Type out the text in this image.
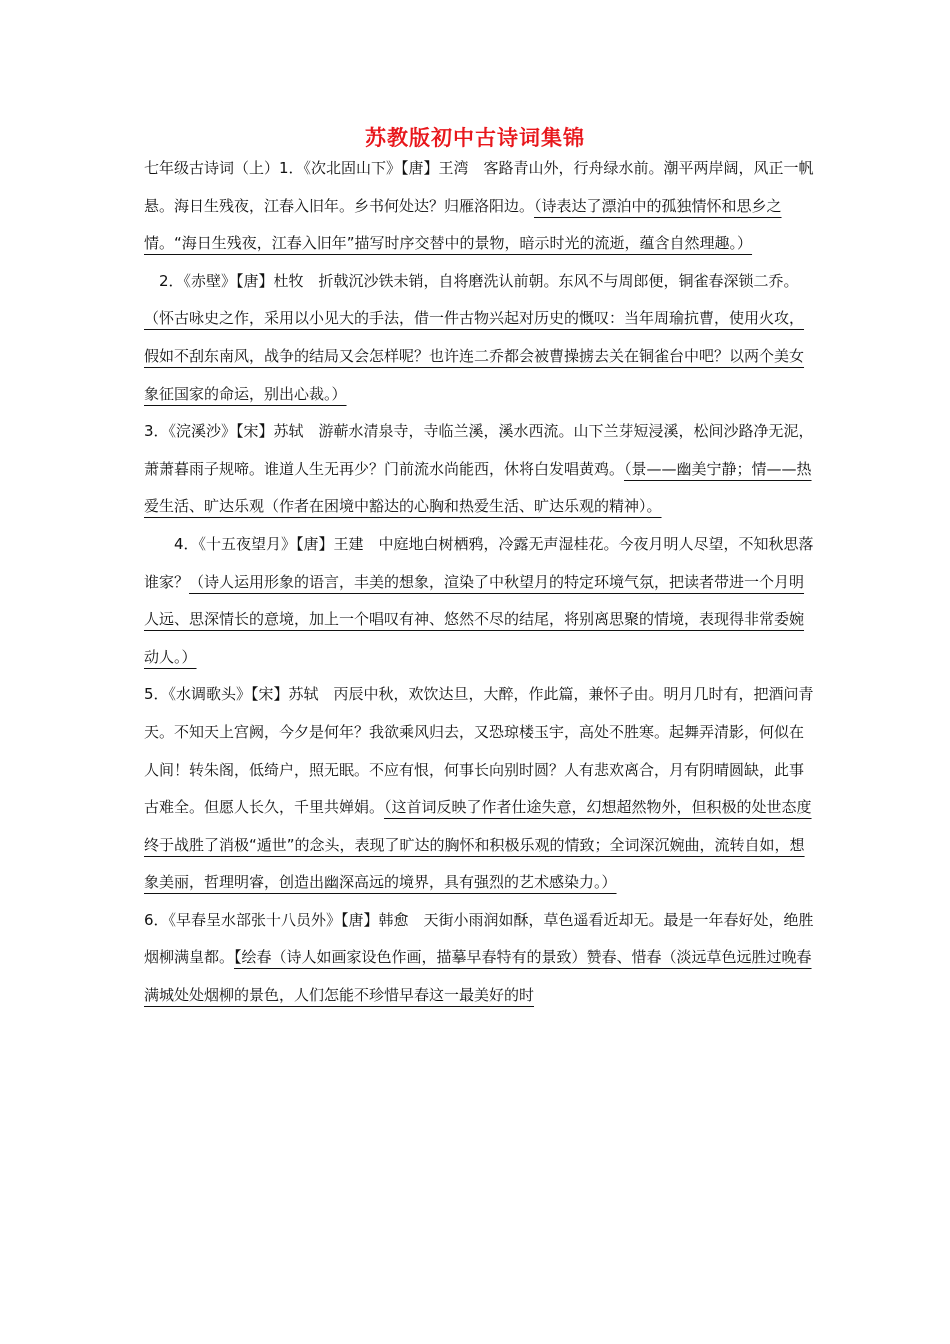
苏教版初中古诗词集锦

七年级古诗词（上）1．《次北固山下》【唐】王湾　客路青山外，行舟绿水前。潮平两岸阔，风正一帆悬。海日生残夜，江春入旧年。乡书何处达？归雁洛阳边。（诗表达了漂泊中的孤独情怀和思乡之情。“海日生残夜，江春入旧年”描写时序交替中的景物，暗示时光的流逝，蕴含自然理趣。）

2．《赤壁》【唐】杜牧　折戟沉沙铁未销，自将磨洗认前朝。东风不与周郎便，铜雀春深锁二乔。（怀古咏史之作，采用以小见大的手法，借一件古物兴起对历史的慨叹：当年周瑜抗曹，使用火攻，假如不刮东南风，战争的结局又会怎样呢？也许连二乔都会被曹操掳去关在铜雀台中吧？以两个美女象征国家的命运，别出心裁。）

3．《浣溪沙》【宋】苏轼　游蕲水清泉寺，寺临兰溪，溪水西流。山下兰芽短浸溪，松间沙路净无泥，萧萧暮雨子规啼。谁道人生无再少？门前流水尚能西，休将白发唱黄鸡。（景——幽美宁静；情——热爱生活、旷达乐观（作者在困境中豁达的心胸和热爱生活、旷达乐观的精神）。

4．《十五夜望月》【唐】王建　中庭地白树栖鸦，冷露无声湿桂花。今夜月明人尽望，不知秋思落谁家？（诗人运用形象的语言，丰美的想象，渲染了中秋望月的特定环境气氛，把读者带进一个月明人远、思深情长的意境，加上一个唱叹有神、悠然不尽的结尾，将别离思聚的情境，表现得非常委婉动人。）

5．《水调歌头》【宋】苏轼　丙辰中秋，欢饮达旦，大醉，作此篇，兼怀子由。明月几时有，把酒问青天。不知天上宫阙，今夕是何年？我欲乘风归去，又恐琼楼玉宇，高处不胜寒。起舞弄清影，何似在人间！转朱阁，低绮户，照无眠。不应有恨，何事长向别时圆？人有悲欢离合，月有阴晴圆缺，此事古难全。但愿人长久，千里共婵娟。（这首词反映了作者仕途失意，幻想超然物外，但积极的处世态度终于战胜了消极“遁世”的念头，表现了旷达的胸怀和积极乐观的情致；全词深沉婉曲，流转自如，想象美丽，哲理明睿，创造出幽深高远的境界，具有强烈的艺术感染力。）

6．《早春呈水部张十八员外》【唐】韩愈　天街小雨润如酥，草色遥看近却无。最是一年春好处，绝胜烟柳满皇都。【绘春（诗人如画家设色作画，描摹早春特有的景致）赞春、惜春（淡远草色远胜过晚春满城处处烟柳的景色，人们怎能不珍惜早春这一最美好的时
